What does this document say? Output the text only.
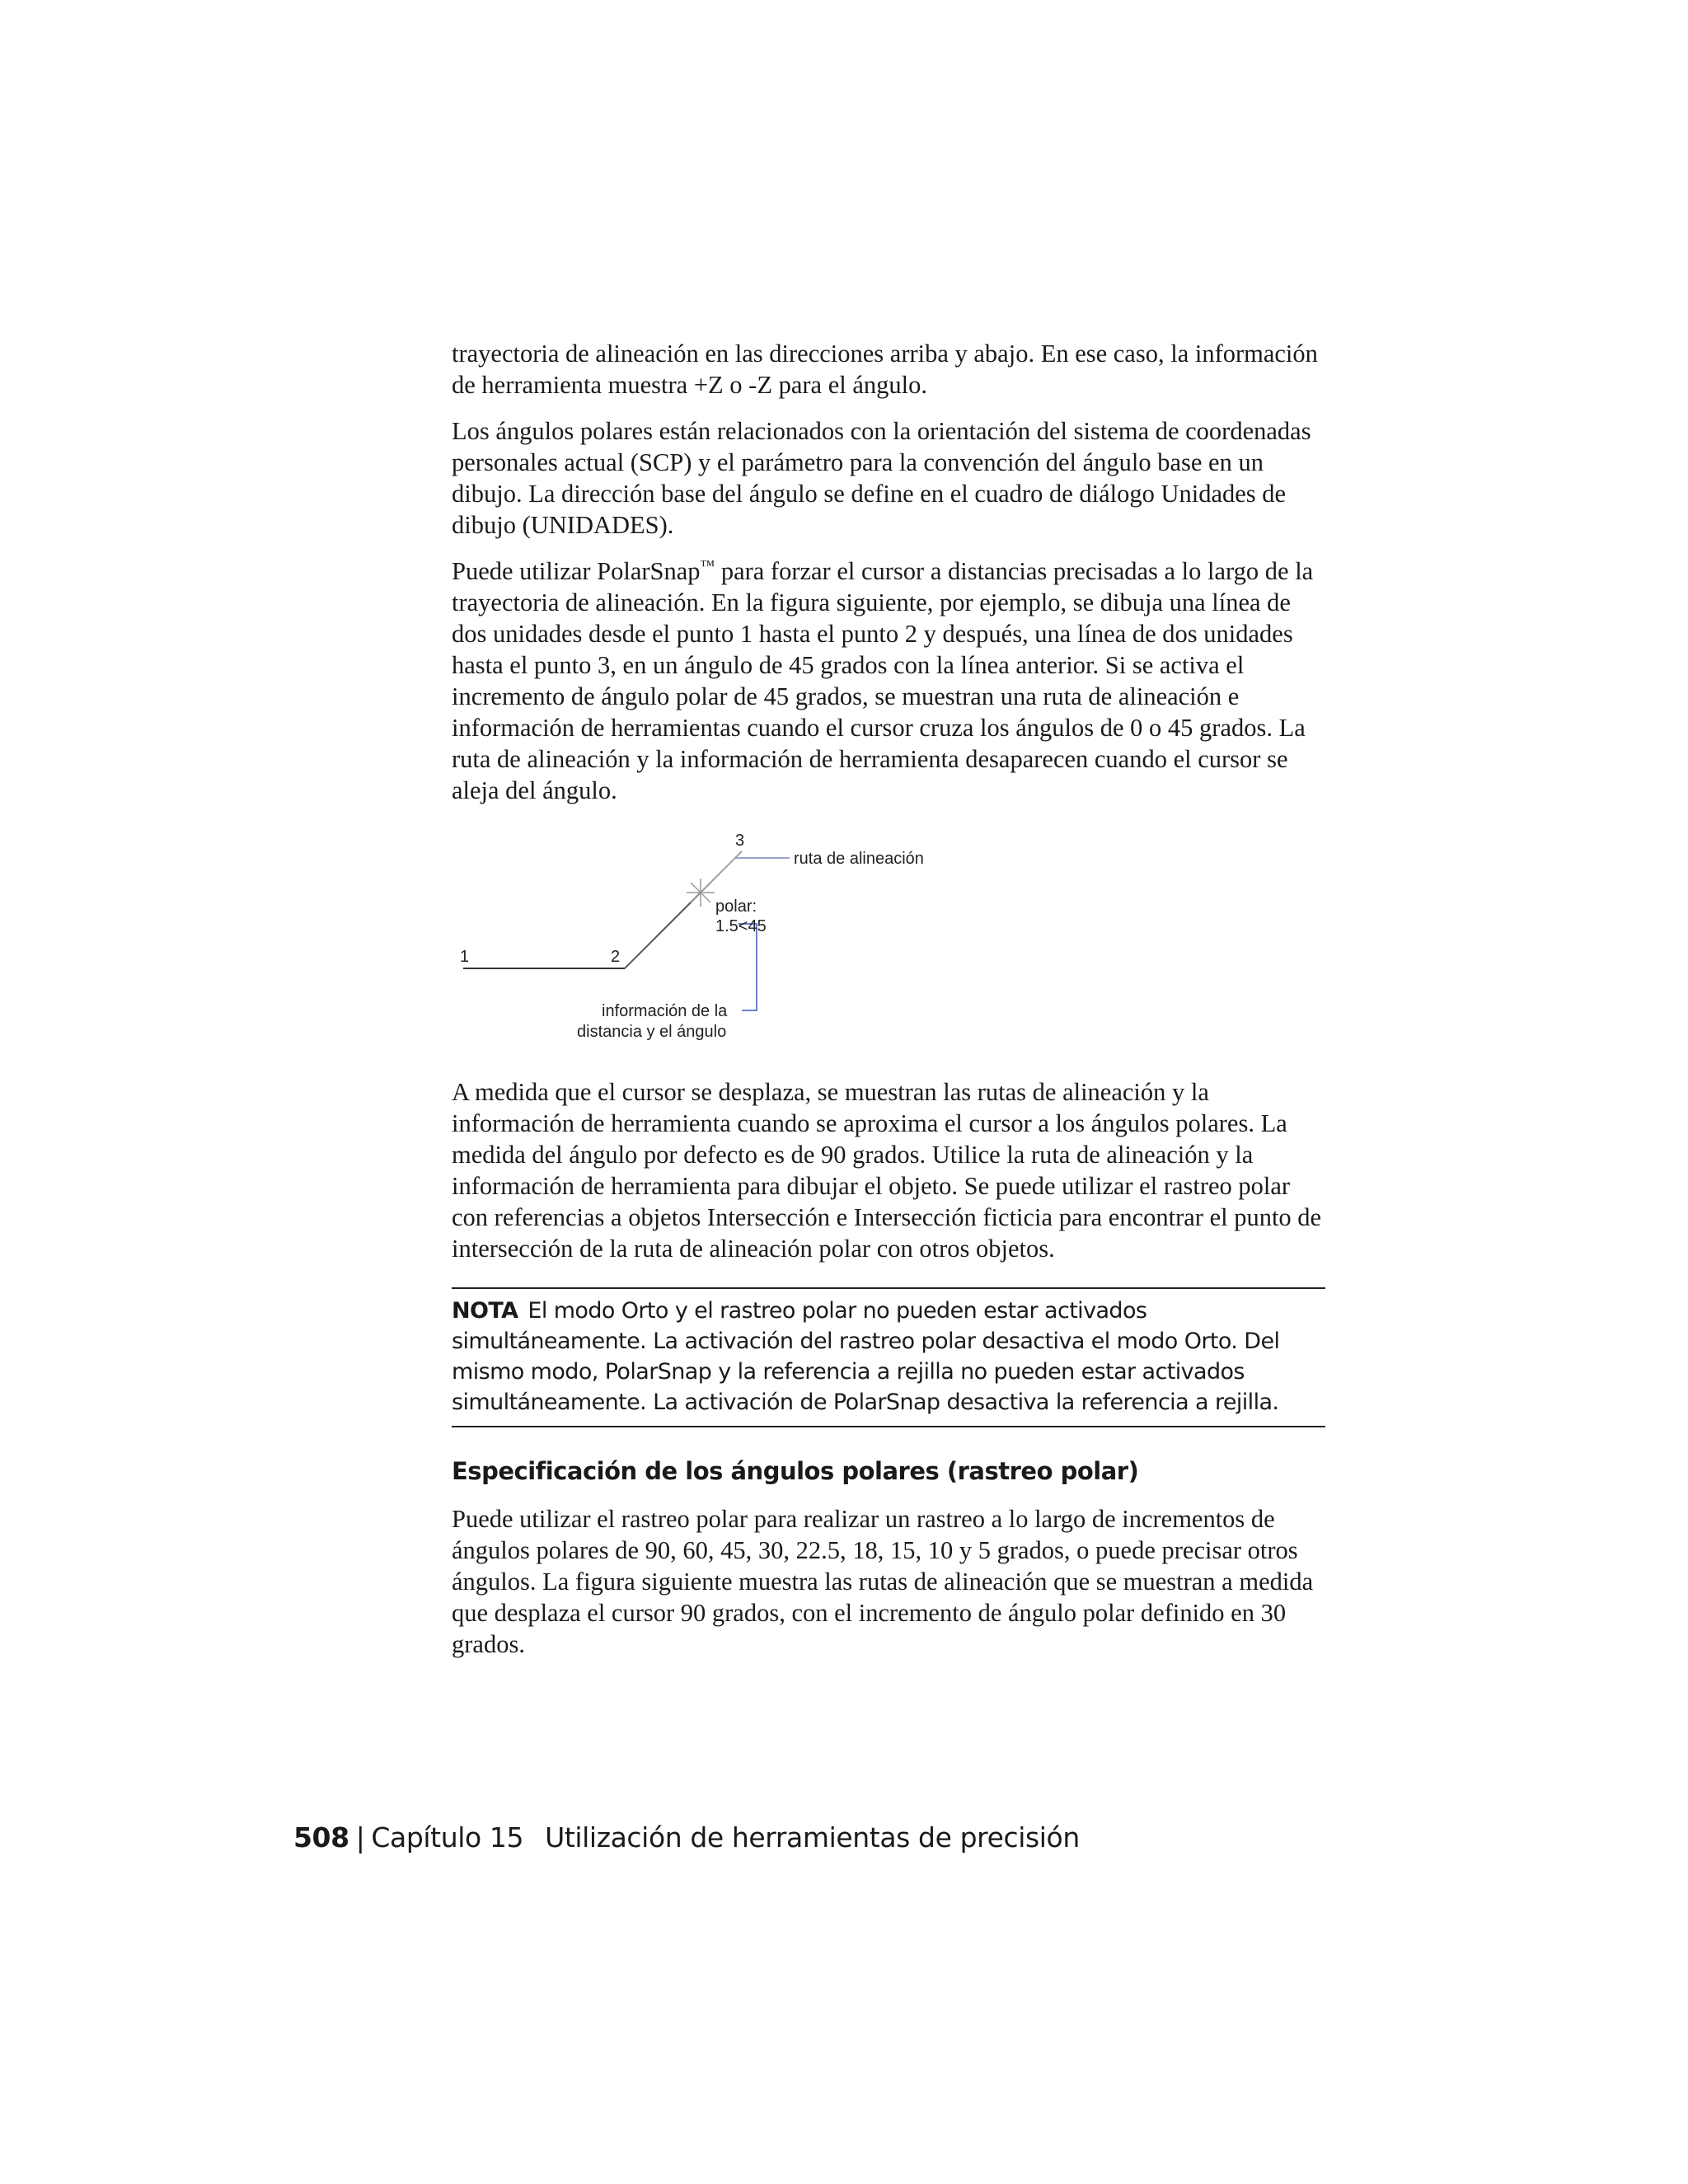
trayectoria de alineación en las direcciones arriba y abajo. En ese caso, la información de herramienta muestra +Z o -Z para el ángulo.

Los ángulos polares están relacionados con la orientación del sistema de coordenadas personales actual (SCP) y el parámetro para la convención del ángulo base en un dibujo. La dirección base del ángulo se define en el cuadro de diálogo Unidades de dibujo (UNIDADES).

Puede utilizar PolarSnap™ para forzar el cursor a distancias precisadas a lo largo de la trayectoria de alineación. En la figura siguiente, por ejemplo, se dibuja una línea de dos unidades desde el punto 1 hasta el punto 2 y después, una línea de dos unidades hasta el punto 3, en un ángulo de 45 grados con la línea anterior. Si se activa el incremento de ángulo polar de 45 grados, se muestran una ruta de alineación e información de herramientas cuando el cursor cruza los ángulos de 0 o 45 grados. La ruta de alineación y la información de herramienta desaparecen cuando el cursor se aleja del ángulo.

1	2
3
ruta de alineación
polar:
1.5<45
información de la
distancia y el ángulo

A medida que el cursor se desplaza, se muestran las rutas de alineación y la información de herramienta cuando se aproxima el cursor a los ángulos polares. La medida del ángulo por defecto es de 90 grados. Utilice la ruta de alineación y la información de herramienta para dibujar el objeto. Se puede utilizar el rastreo polar con referencias a objetos Intersección e Intersección ficticia para encontrar el punto de intersección de la ruta de alineación polar con otros objetos.

NOTA El modo Orto y el rastreo polar no pueden estar activados simultáneamente. La activación del rastreo polar desactiva el modo Orto. Del mismo modo, PolarSnap y la referencia a rejilla no pueden estar activados simultáneamente. La activación de PolarSnap desactiva la referencia a rejilla.
Especificación de los ángulos polares (rastreo polar)

Puede utilizar el rastreo polar para realizar un rastreo a lo largo de incrementos de ángulos polares de 90, 60, 45, 30, 22.5, 18, 15, 10 y 5 grados, o puede precisar otros ángulos. La figura siguiente muestra las rutas de alineación que se muestran a medida que desplaza el cursor 90 grados, con el incremento de ángulo polar definido en 30 grados.

508 | Capítulo 15 Utilización de herramientas de precisión
